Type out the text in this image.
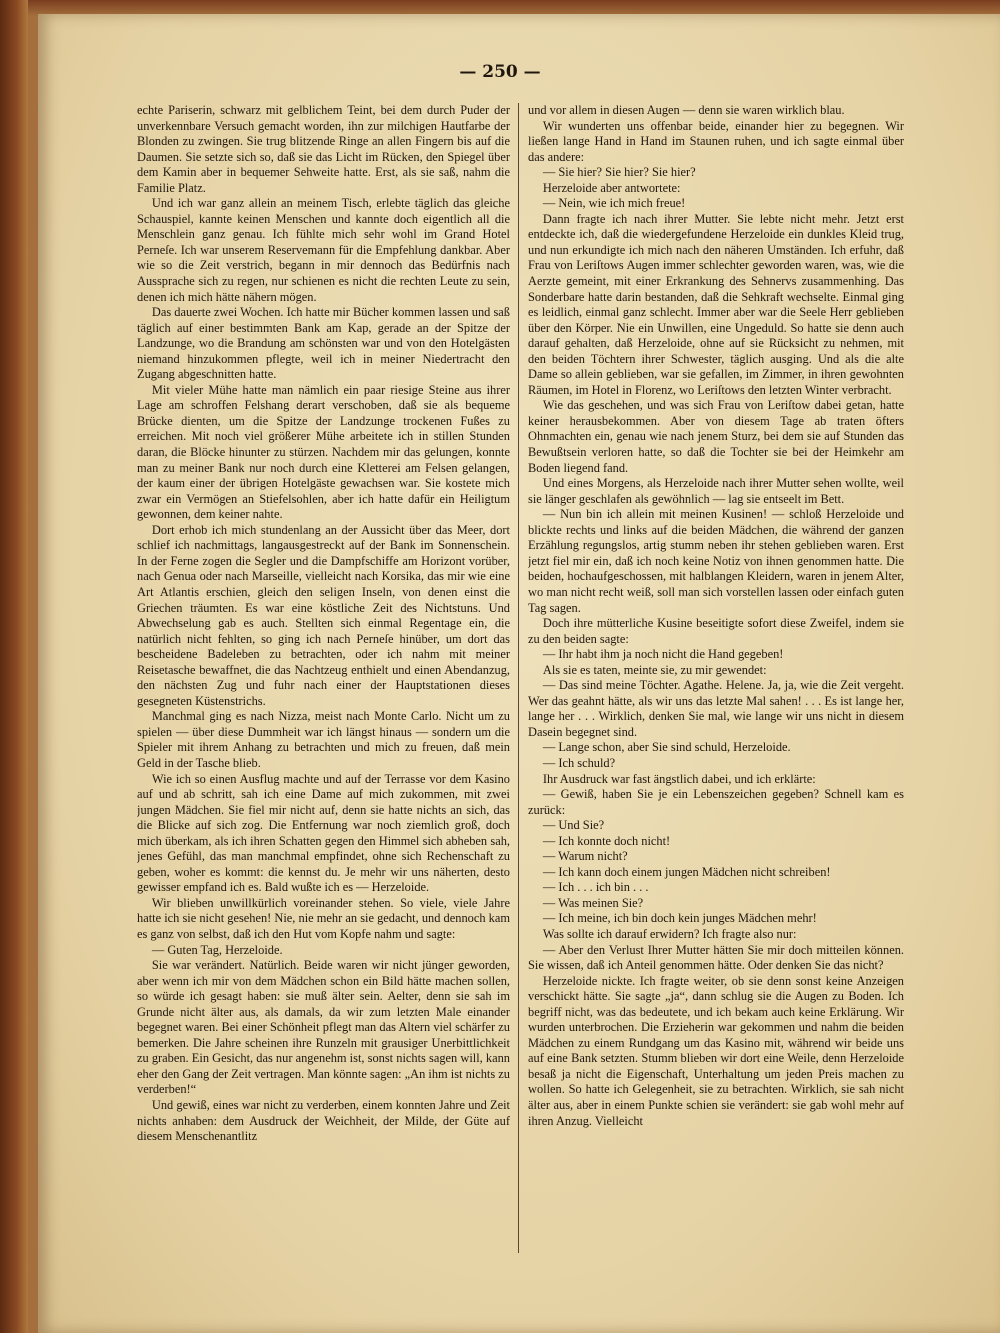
— 250 —

echte Pariserin, schwarz mit gelblichem Teint, bei dem durch Puder der unverkennbare Versuch gemacht worden, ihn zur milchigen Hautfarbe der Blonden zu zwingen. Sie trug blitzende Ringe an allen Fingern bis auf die Daumen. Sie setzte sich so, daß sie das Licht im Rücken, den Spiegel über dem Kamin aber in bequemer Sehweite hatte. Erst, als sie saß, nahm die Familie Platz.

Und ich war ganz allein an meinem Tisch, erlebte täglich das gleiche Schauspiel, kannte keinen Menschen und kannte doch eigentlich all die Menschlein ganz genau. Ich fühlte mich sehr wohl im Grand Hotel Perneſe. Ich war unserem Reservemann für die Empfehlung dankbar. Aber wie so die Zeit verstrich, begann in mir dennoch das Bedürfnis nach Aussprache sich zu regen, nur schienen es nicht die rechten Leute zu sein, denen ich mich hätte nähern mögen.

Das dauerte zwei Wochen. Ich hatte mir Bücher kommen lassen und saß täglich auf einer bestimmten Bank am Kap, gerade an der Spitze der Landzunge, wo die Brandung am schönsten war und von den Hotelgästen niemand hinzukommen pflegte, weil ich in meiner Niedertracht den Zugang abgeschnitten hatte.

Mit vieler Mühe hatte man nämlich ein paar riesige Steine aus ihrer Lage am schroffen Felshang derart verschoben, daß sie als bequeme Brücke dienten, um die Spitze der Landzunge trockenen Fußes zu erreichen. Mit noch viel größerer Mühe arbeitete ich in stillen Stunden daran, die Blöcke hinunter zu stürzen. Nachdem mir das gelungen, konnte man zu meiner Bank nur noch durch eine Kletterei am Felsen gelangen, der kaum einer der übrigen Hotelgäste gewachsen war. Sie kostete mich zwar ein Vermögen an Stiefelsohlen, aber ich hatte dafür ein Heiligtum gewonnen, dem keiner nahte.

Dort erhob ich mich stundenlang an der Aussicht über das Meer, dort schlief ich nachmittags, langausgestreckt auf der Bank im Sonnenschein. In der Ferne zogen die Segler und die Dampfschiffe am Horizont vorüber, nach Genua oder nach Marseille, vielleicht nach Korsika, das mir wie eine Art Atlantis erschien, gleich den seligen Inseln, von denen einst die Griechen träumten. Es war eine köstliche Zeit des Nichtstuns. Und Abwechselung gab es auch. Stellten sich einmal Regentage ein, die natürlich nicht fehlten, so ging ich nach Perneſe hinüber, um dort das bescheidene Badeleben zu betrachten, oder ich nahm mit meiner Reisetasche bewaffnet, die das Nachtzeug enthielt und einen Abendanzug, den nächsten Zug und fuhr nach einer der Hauptstationen dieses gesegneten Küstenstrichs.

Manchmal ging es nach Nizza, meist nach Monte Carlo. Nicht um zu spielen — über diese Dummheit war ich längst hinaus — sondern um die Spieler mit ihrem Anhang zu betrachten und mich zu freuen, daß mein Geld in der Tasche blieb.

Wie ich so einen Ausflug machte und auf der Terrasse vor dem Kasino auf und ab schritt, sah ich eine Dame auf mich zukommen, mit zwei jungen Mädchen. Sie fiel mir nicht auf, denn sie hatte nichts an sich, das die Blicke auf sich zog. Die Entfernung war noch ziemlich groß, doch mich überkam, als ich ihren Schatten gegen den Himmel sich abheben sah, jenes Gefühl, das man manchmal empfindet, ohne sich Rechenschaft zu geben, woher es kommt: die kennst du. Je mehr wir uns näherten, desto gewisser empfand ich es. Bald wußte ich es — Herzeloide.

Wir blieben unwillkürlich voreinander stehen. So viele, viele Jahre hatte ich sie nicht gesehen! Nie, nie mehr an sie gedacht, und dennoch kam es ganz von selbst, daß ich den Hut vom Kopfe nahm und sagte:

— Guten Tag, Herzeloide.

Sie war verändert. Natürlich. Beide waren wir nicht jünger geworden, aber wenn ich mir von dem Mädchen schon ein Bild hätte machen sollen, so würde ich gesagt haben: sie muß älter sein. Aelter, denn sie sah im Grunde nicht älter aus, als damals, da wir zum letzten Male einander begegnet waren. Bei einer Schönheit pflegt man das Altern viel schärfer zu bemerken. Die Jahre scheinen ihre Runzeln mit grausiger Unerbittlichkeit zu graben. Ein Gesicht, das nur angenehm ist, sonst nichts sagen will, kann eher den Gang der Zeit vertragen. Man könnte sagen: „An ihm ist nichts zu verderben!“

Und gewiß, eines war nicht zu verderben, einem konnten Jahre und Zeit nichts anhaben: dem Ausdruck der Weichheit, der Milde, der Güte auf diesem Menschenantlitz

und vor allem in diesen Augen — denn sie waren wirklich blau.

Wir wunderten uns offenbar beide, einander hier zu begegnen. Wir ließen lange Hand in Hand im Staunen ruhen, und ich sagte einmal über das andere:

— Sie hier? Sie hier? Sie hier?

Herzeloide aber antwortete:

— Nein, wie ich mich freue!

Dann fragte ich nach ihrer Mutter. Sie lebte nicht mehr. Jetzt erst entdeckte ich, daß die wiedergefundene Herzeloide ein dunkles Kleid trug, und nun erkundigte ich mich nach den näheren Umständen. Ich erfuhr, daß Frau von Leriſtows Augen immer schlechter geworden waren, was, wie die Aerzte gemeint, mit einer Erkrankung des Sehnervs zusammenhing. Das Sonderbare hatte darin bestanden, daß die Sehkraft wechselte. Einmal ging es leidlich, einmal ganz schlecht. Immer aber war die Seele Herr geblieben über den Körper. Nie ein Unwillen, eine Ungeduld. So hatte sie denn auch darauf gehalten, daß Herzeloide, ohne auf sie Rücksicht zu nehmen, mit den beiden Töchtern ihrer Schwester, täglich ausging. Und als die alte Dame so allein geblieben, war sie gefallen, im Zimmer, in ihren gewohnten Räumen, im Hotel in Florenz, wo Leriſtows den letzten Winter verbracht.

Wie das geschehen, und was sich Frau von Leriſtow dabei getan, hatte keiner herausbekommen. Aber von diesem Tage ab traten öfters Ohnmachten ein, genau wie nach jenem Sturz, bei dem sie auf Stunden das Bewußtsein verloren hatte, so daß die Tochter sie bei der Heimkehr am Boden liegend fand.

Und eines Morgens, als Herzeloide nach ihrer Mutter sehen wollte, weil sie länger geschlafen als gewöhnlich — lag sie entseelt im Bett.

— Nun bin ich allein mit meinen Kusinen! — schloß Herzeloide und blickte rechts und links auf die beiden Mädchen, die während der ganzen Erzählung regungslos, artig stumm neben ihr stehen geblieben waren. Erst jetzt fiel mir ein, daß ich noch keine Notiz von ihnen genommen hatte. Die beiden, hochaufgeschossen, mit halblangen Kleidern, waren in jenem Alter, wo man nicht recht weiß, soll man sich vorstellen lassen oder einfach guten Tag sagen.

Doch ihre mütterliche Kusine beseitigte sofort diese Zweifel, indem sie zu den beiden sagte:

— Ihr habt ihm ja noch nicht die Hand gegeben!

Als sie es taten, meinte sie, zu mir gewendet:

— Das sind meine Töchter. Agathe. Helene. Ja, ja, wie die Zeit vergeht. Wer das geahnt hätte, als wir uns das letzte Mal sahen! . . . Es ist lange her, lange her . . . Wirklich, denken Sie mal, wie lange wir uns nicht in diesem Dasein begegnet sind.

— Lange schon, aber Sie sind schuld, Herzeloide.

— Ich schuld?

Ihr Ausdruck war fast ängstlich dabei, und ich erklärte:

— Gewiß, haben Sie je ein Lebenszeichen gegeben? Schnell kam es zurück:

— Und Sie?

— Ich konnte doch nicht!

— Warum nicht?

— Ich kann doch einem jungen Mädchen nicht schreiben!

— Ich . . . ich bin . . .

— Was meinen Sie?

— Ich meine, ich bin doch kein junges Mädchen mehr!

Was sollte ich darauf erwidern? Ich fragte also nur:

— Aber den Verlust Ihrer Mutter hätten Sie mir doch mitteilen können. Sie wissen, daß ich Anteil genommen hätte. Oder denken Sie das nicht?

Herzeloide nickte. Ich fragte weiter, ob sie denn sonst keine Anzeigen verschickt hätte. Sie sagte „ja“, dann schlug sie die Augen zu Boden. Ich begriff nicht, was das bedeutete, und ich bekam auch keine Erklärung. Wir wurden unterbrochen. Die Erzieherin war gekommen und nahm die beiden Mädchen zu einem Rundgang um das Kasino mit, während wir beide uns auf eine Bank setzten. Stumm blieben wir dort eine Weile, denn Herzeloide besaß ja nicht die Eigenschaft, Unterhaltung um jeden Preis machen zu wollen. So hatte ich Gelegenheit, sie zu betrachten. Wirklich, sie sah nicht älter aus, aber in einem Punkte schien sie verändert: sie gab wohl mehr auf ihren Anzug. Vielleicht
